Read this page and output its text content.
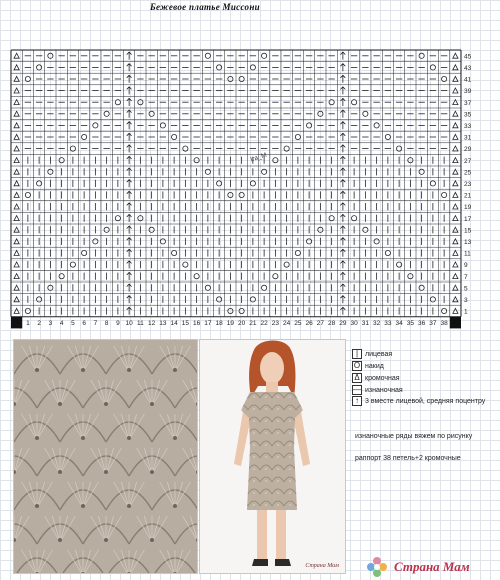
Бежевое платье Миссони
Ira_M
45
43
41
39
37
35
33
31
29
27
25
23
21
19
17
15
13
11
9
7
5
3
1
1 2 3 4 5 6 7 8 9 10 11 12 13 14 15 16 17 18 19 20 21 22 23 24 25 26 27 28 29 30 31 32 33 34 35 36 37 38
Страна Мам
| лицевая
O накид
Δ кромочная
— изнаночная
↑ 3 вместе лицевой, средняя поцентру
изнаночные ряды вяжем по рисунку
раппорт 38 петель+2 кромочные
Страна Мам
